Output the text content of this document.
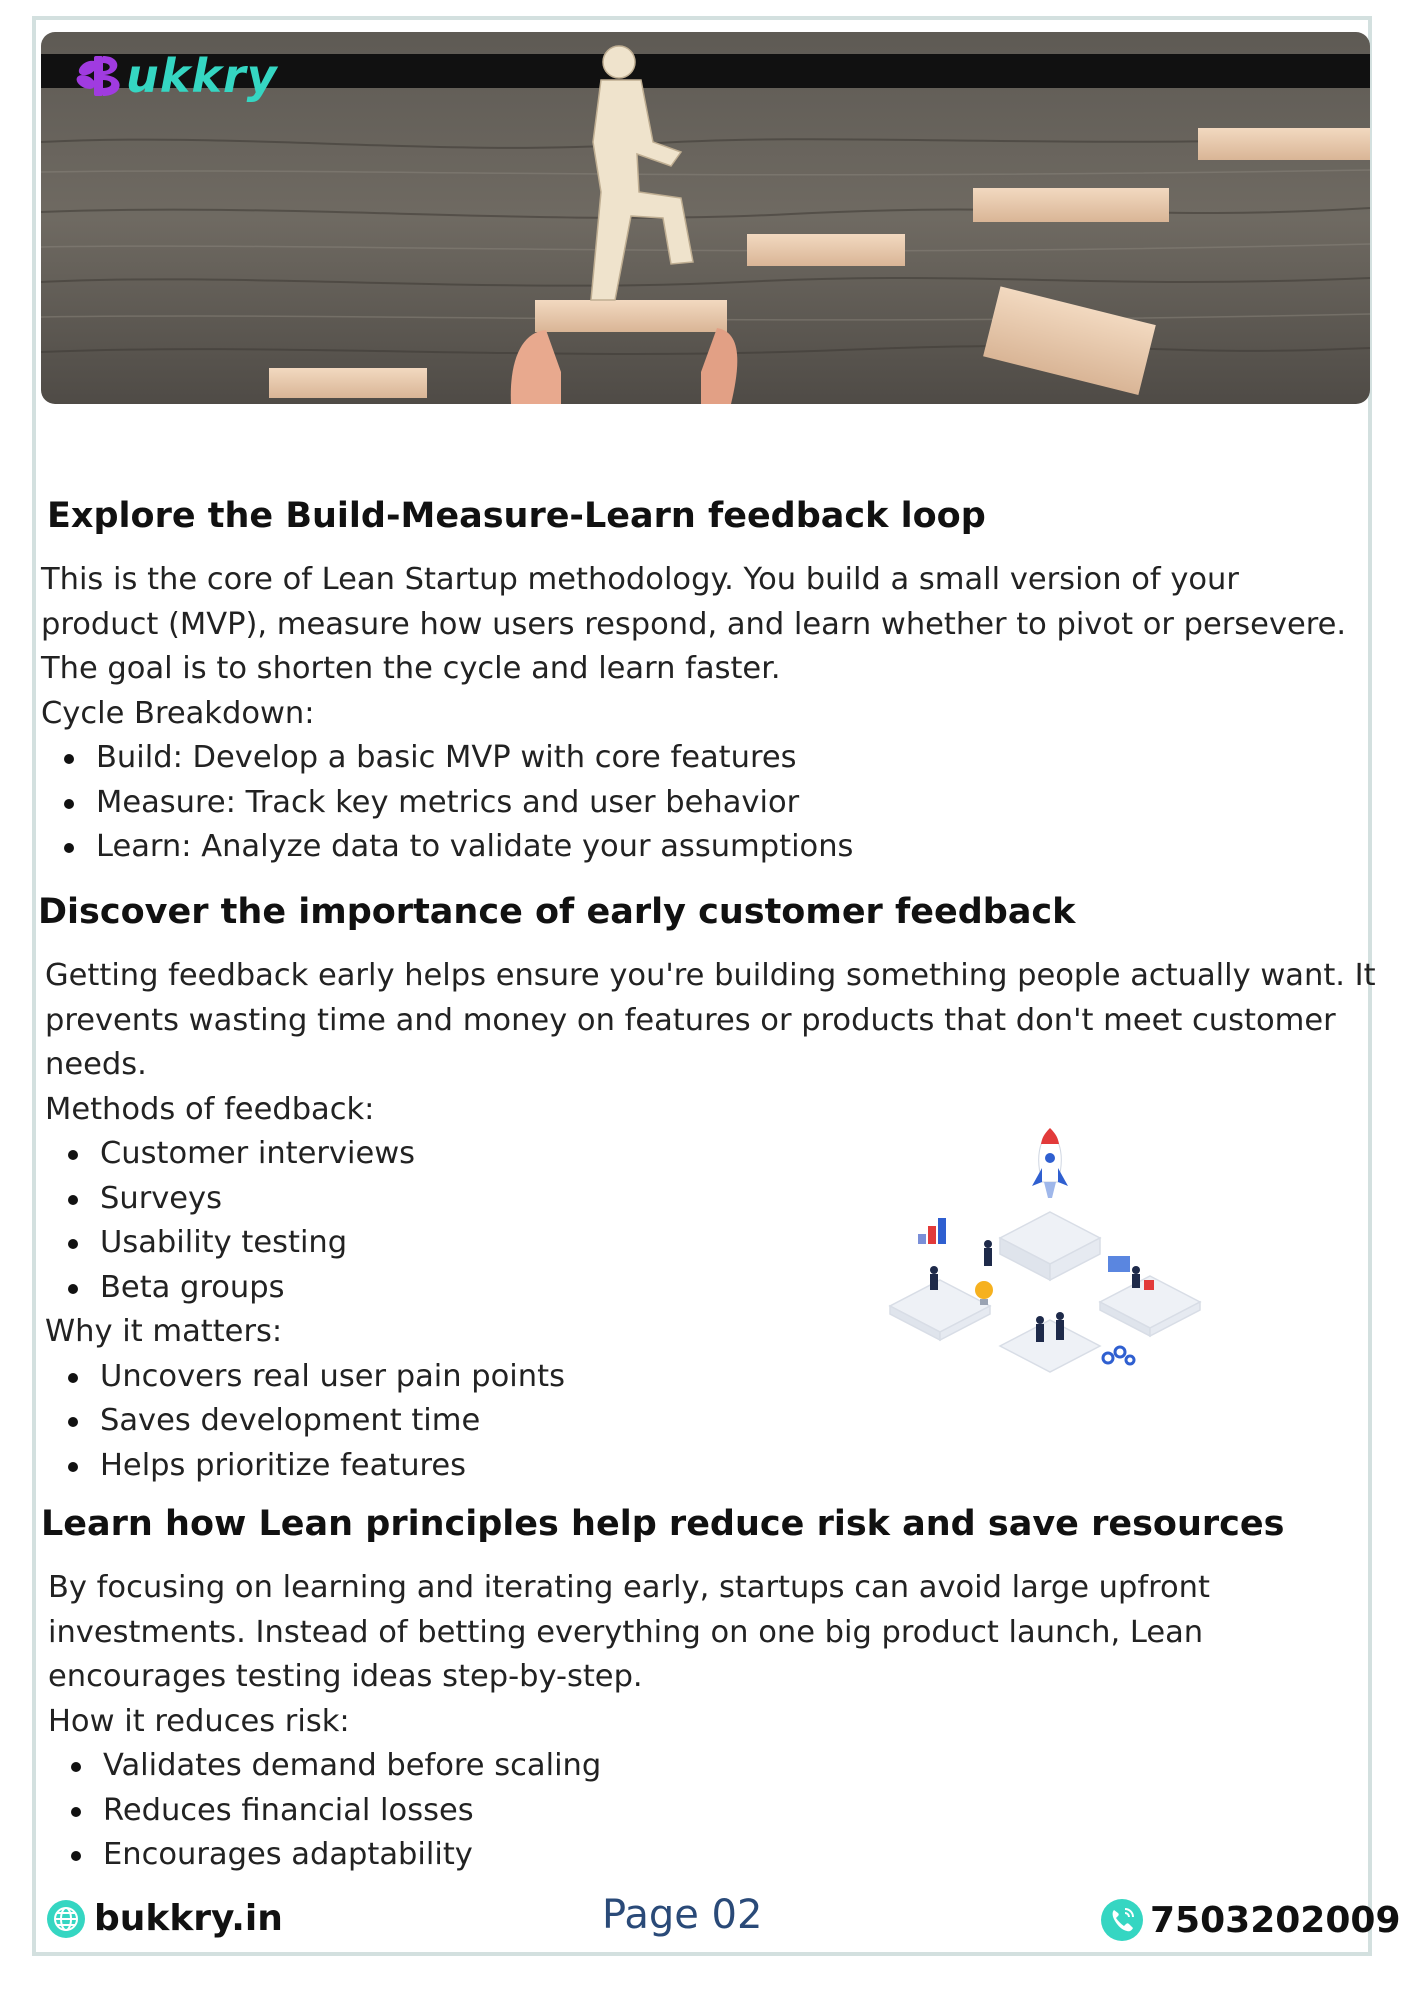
ukkry
Explore the Build-Measure-Learn feedback loop

This is the core of Lean Startup methodology. You build a small version of your

product (MVP), measure how users respond, and learn whether to pivot or persevere.

The goal is to shorten the cycle and learn faster.

Cycle Breakdown:

Build: Develop a basic MVP with core features
Measure: Track key metrics and user behavior
Learn: Analyze data to validate your assumptions
Discover the importance of early customer feedback

Getting feedback early helps ensure you're building something people actually want. It

prevents wasting time and money on features or products that don't meet customer

needs.

Methods of feedback:

Customer interviews
Surveys
Usability testing
Beta groups

Why it matters:

Uncovers real user pain points
Saves development time
Helps prioritize features
Learn how Lean principles help reduce risk and save resources

By focusing on learning and iterating early, startups can avoid large upfront

investments. Instead of betting everything on one big product launch, Lean

encourages testing ideas step-by-step.

How it reduces risk:

Validates demand before scaling
Reduces financial losses
Encourages adaptability
bukkry.in	Page 02	7503202009
